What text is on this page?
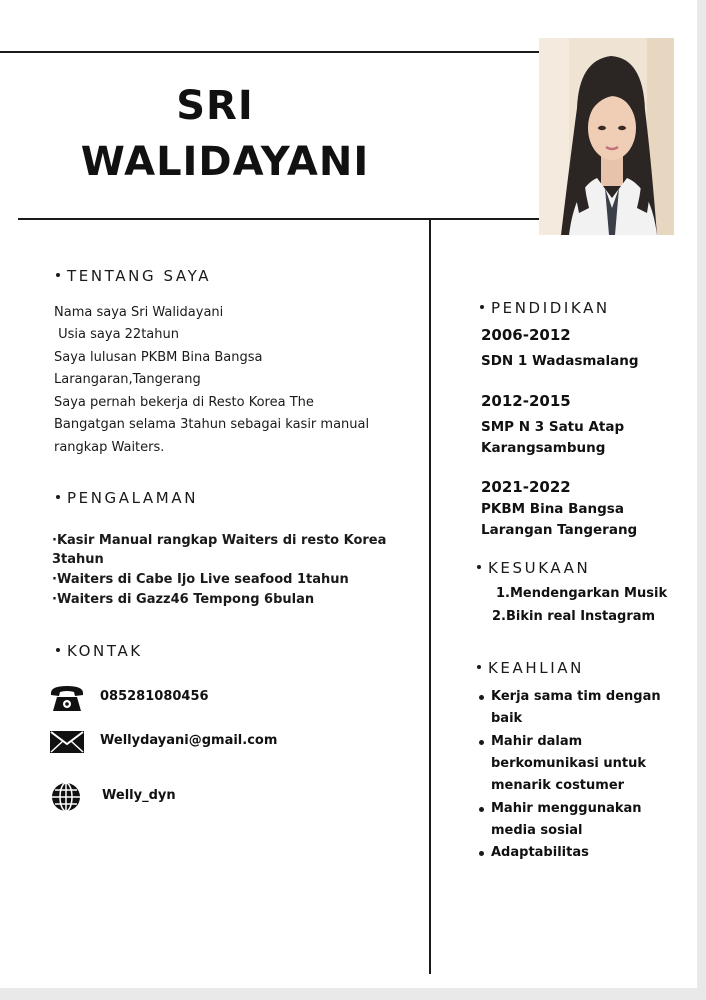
SRI
WALIDAYANI
TENTANG SAYA
Nama saya Sri Walidayani
Usia saya 22tahun
Saya lulusan PKBM Bina Bangsa
Larangaran,Tangerang
Saya pernah bekerja di Resto Korea The
Bangatgan selama 3tahun sebagai kasir manual
rangkap Waiters.
PENGALAMAN
·Kasir Manual rangkap Waiters di resto Korea
3tahun
·Waiters di Cabe Ijo Live seafood 1tahun
·Waiters di Gazz46 Tempong 6bulan
KONTAK
085281080456
Wellydayani@gmail.com
Welly_dyn
PENDIDIKAN
2006-2012
SDN 1 Wadasmalang
2012-2015
SMP N 3 Satu Atap
Karangsambung
2021-2022
PKBM Bina Bangsa
Larangan Tangerang
KESUKAAN
1.Mendengarkan Musik
2.Bikin real Instagram
KEAHLIAN
Kerja sama tim dengan
baik
Mahir dalam
berkomunikasi untuk
menarik costumer
Mahir menggunakan
media sosial
Adaptabilitas
